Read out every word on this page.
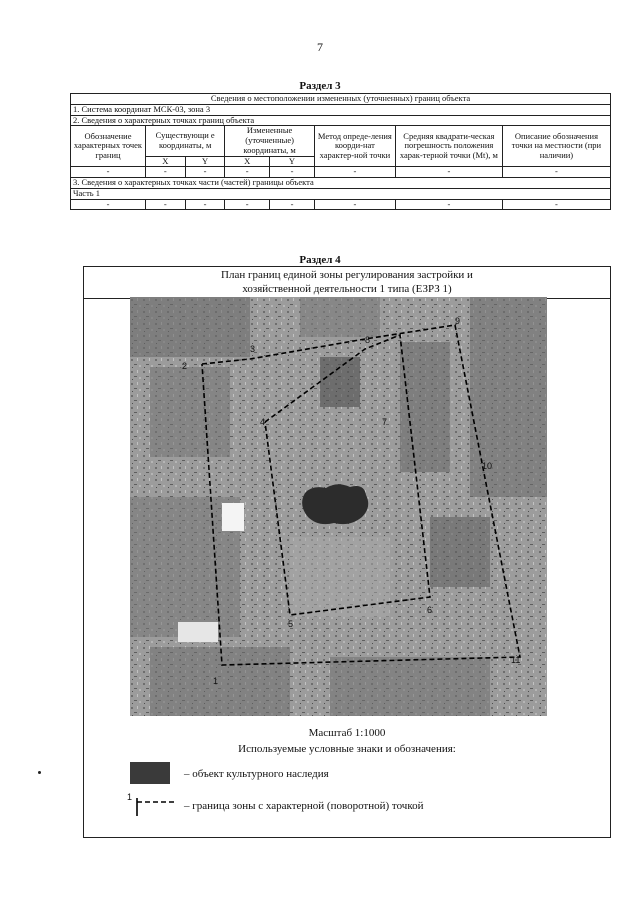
7
Раздел 3
Сведения о местоположении измененных (уточненных) границ объекта							
1. Система координат МСК-03, зона 3							
2. Сведения о характерных точках границ объекта							
Обозначение характерных точек границ	Существующи е координаты, м		Измененные (уточненные) координаты, м		Метод опреде-ления коорди-нат характер-ной точки	Средняя квадрати-ческая погрешность положения харак-терной точки (Мt), м	Описание обозначения точки на местности (при наличии)
	X	Y	X	Y			
-	-	-	-	-	-	-	-
3. Сведения о характерных точках части (частей) границы объекта							
Часть 1							
-	-	-	-	-	-	-	-
Раздел 4
План границ единой зоны регулирования застройки и
хозяйственной деятельности 1 типа (ЕЗРЗ 1)
1
2
3
4
5
6
7
8
9
10
11
Масштаб 1:1000
Используемые условные знаки и обозначения:
– объект культурного наследия
1
– граница зоны с характерной (поворотной) точкой
